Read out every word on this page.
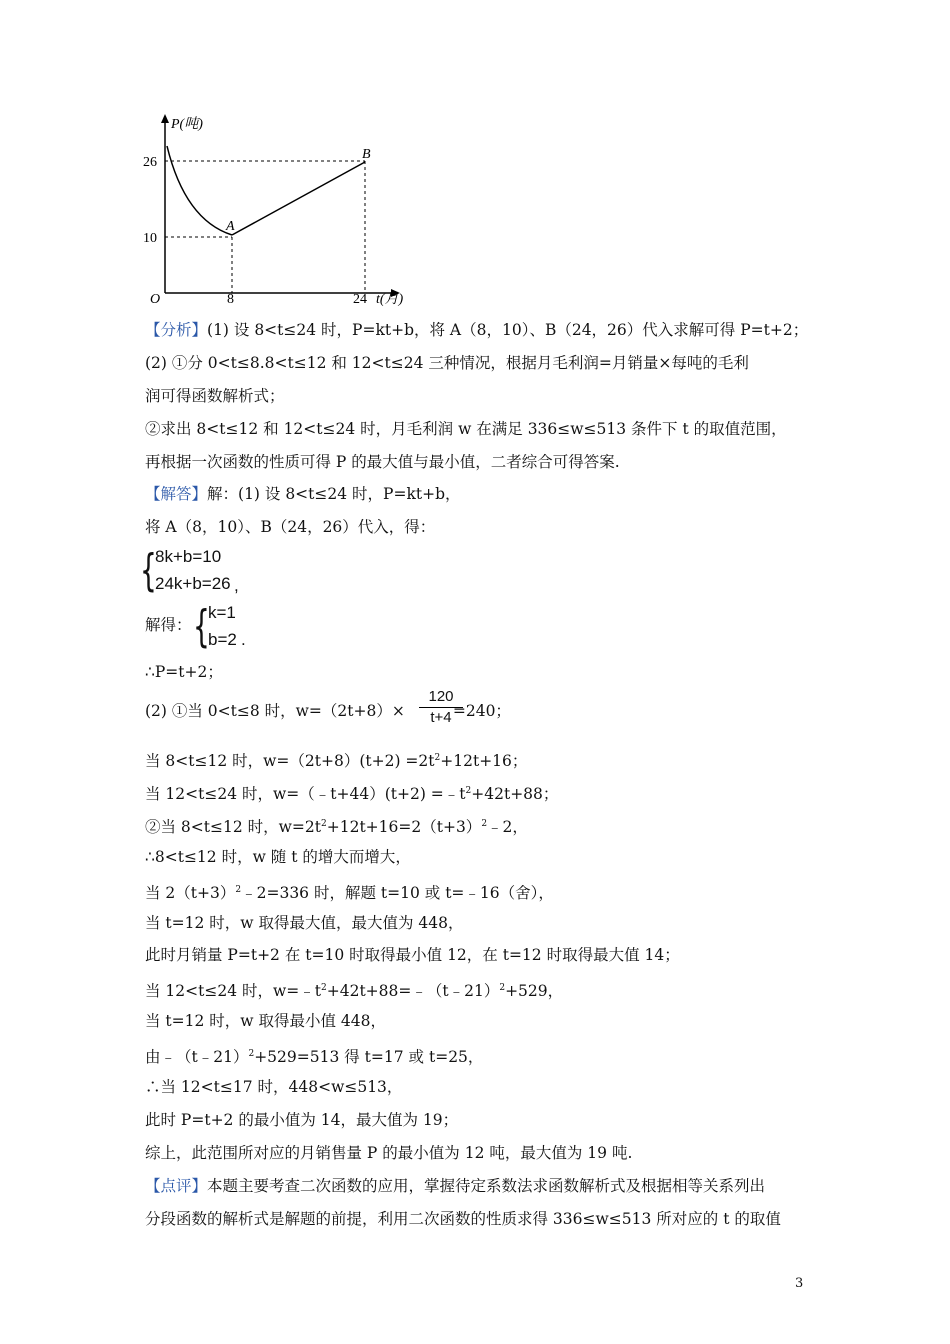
P(吨)
26
10
O	8	24 t(月)
A
B
【分析】(1) 设 8<t≤24 时，P=kt+b，将 A（8，10）、B（24，26）代入求解可得 P=t+2；
(2) ①分 0<t≤8.8<t≤12 和 12<t≤24 三种情况，根据月毛利润=月销量×每吨的毛利
润可得函数解析式；
②求出 8<t≤12 和 12<t≤24 时，月毛利润 w 在满足 336≤w≤513 条件下 t 的取值范围，
再根据一次函数的性质可得 P 的最大值与最小值，二者综合可得答案.
【解答】解：(1) 设 8<t≤24 时，P=kt+b，
将 A（8，10）、B（24，26）代入，得：
{
8k+b=10
24k+b=26 ,
解得： {
k=1
b=2 .
∴P=t+2；
(2) ①当 0<t≤8 时，w=（2t+8）×	=240；
$\frac{120}{t+4}$
当 8<t≤12 时，$w=(2t+8)(t+2) =2t^2+12t+16$；
当 12<t≤24 时，w=（﹣t+44）(t+2) $=﹣t^2+42t+88$；
②当 8<t≤12 时，$w=2t^2+12t+16=2(t+3)^2﹣2$，
∴8<t≤12 时，w 随 t 的增大而增大，
当 $2(t+3)^2﹣2=336$ 时，解题 t=10 或 t=﹣16（舍），
当 t=12 时，w 取得最大值，最大值为 448，
此时月销量 P=t+2 在 t=10 时取得最小值 12，在 t=12 时取得最大值 14；
当 12<t≤24 时，$w=﹣t^2+42t+88=﹣(t﹣21)^2+529$，
当 t=12 时，w 取得最小值 448，
由﹣（t﹣21）$^2$+529=513 得 t=17 或 t=25，
∴当 12<t≤17 时，448<w≤513，
此时 P=t+2 的最小值为 14，最大值为 19；
综上，此范围所对应的月销售量 P 的最小值为 12 吨，最大值为 19 吨.
【点评】本题主要考查二次函数的应用，掌握待定系数法求函数解析式及根据相等关系列出
分段函数的解析式是解题的前提，利用二次函数的性质求得 336≤w≤513 所对应的 t 的取值
3
